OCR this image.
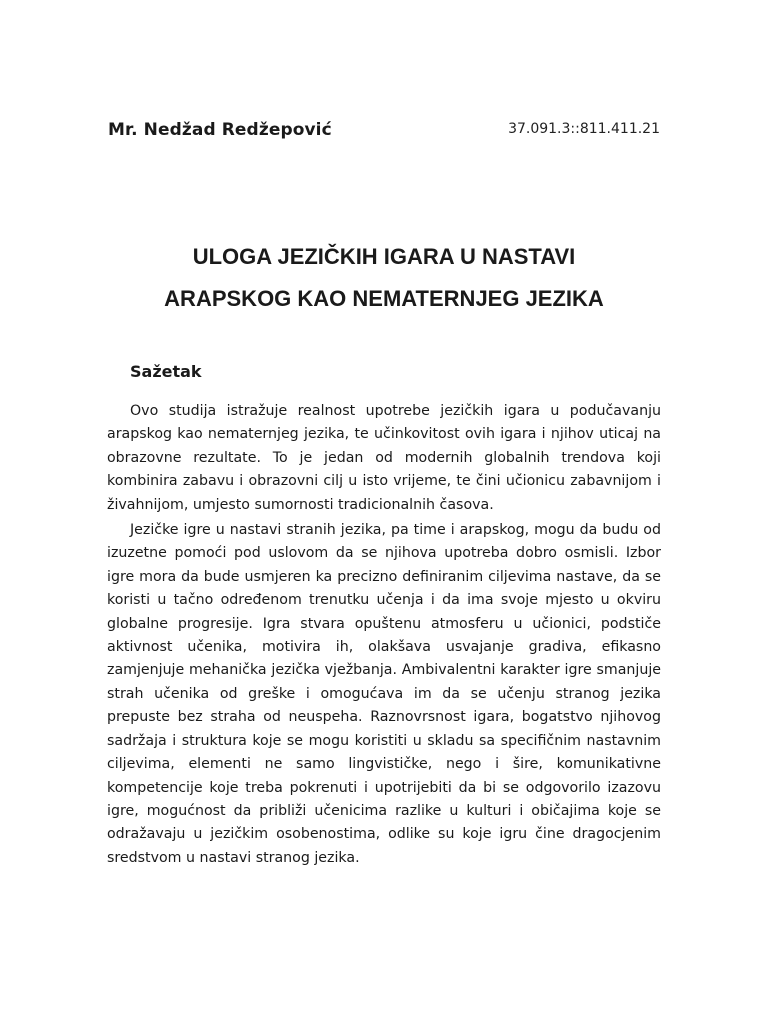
Mr. Nedžad Redžepović	37.091.3::811.411.21

ULOGA JEZIČKIH IGARA U NASTAVI
ARAPSKOG KAO NEMATERNJEG JEZIKA
Sažetak

Ovo studija istražuje realnost upotrebe jezičkih igara u podučavanju arapskog kao nematernjeg jezika, te učinkovitost ovih igara i njihov uticaj na obrazovne rezultate. To je jedan od modernih globalnih trendova koji kombinira zabavu i obrazovni cilj u isto vrijeme, te čini učionicu zabavnijom i živahnijom, umjesto sumornosti tradicionalnih časova.

Jezičke igre u nastavi stranih jezika, pa time i arapskog, mogu da budu od izuzetne pomoći pod uslovom da se njihova upotreba dobro osmisli. Izbor igre mora da bude usmjeren ka precizno definiranim ciljevima nastave, da se koristi u tačno određenom trenutku učenja i da ima svoje mjesto u okviru globalne progresije. Igra stvara opuštenu atmosferu u učionici, podstiče aktivnost učenika, motivira ih, olakšava usvajanje gradiva, efikasno zamjenjuje mehanička jezička vježbanja. Ambivalentni karakter igre smanjuje strah učenika od greške i omogućava im da se učenju stranog jezika prepuste bez straha od neuspeha. Raznovrsnost igara, bogatstvo njihovog sadržaja i struktura koje se mogu koristiti u skladu sa specifičnim nastavnim ciljevima, elementi ne samo lingvističke, nego i šire, komunikativne kompetencije koje treba pokrenuti i upotrijebiti da bi se odgovorilo izazovu igre, mogućnost da približi učenicima razlike u kulturi i običajima koje se odražavaju u jezičkim osobenostima, odlike su koje igru čine dragocjenim sredstvom u nastavi stranog jezika.
